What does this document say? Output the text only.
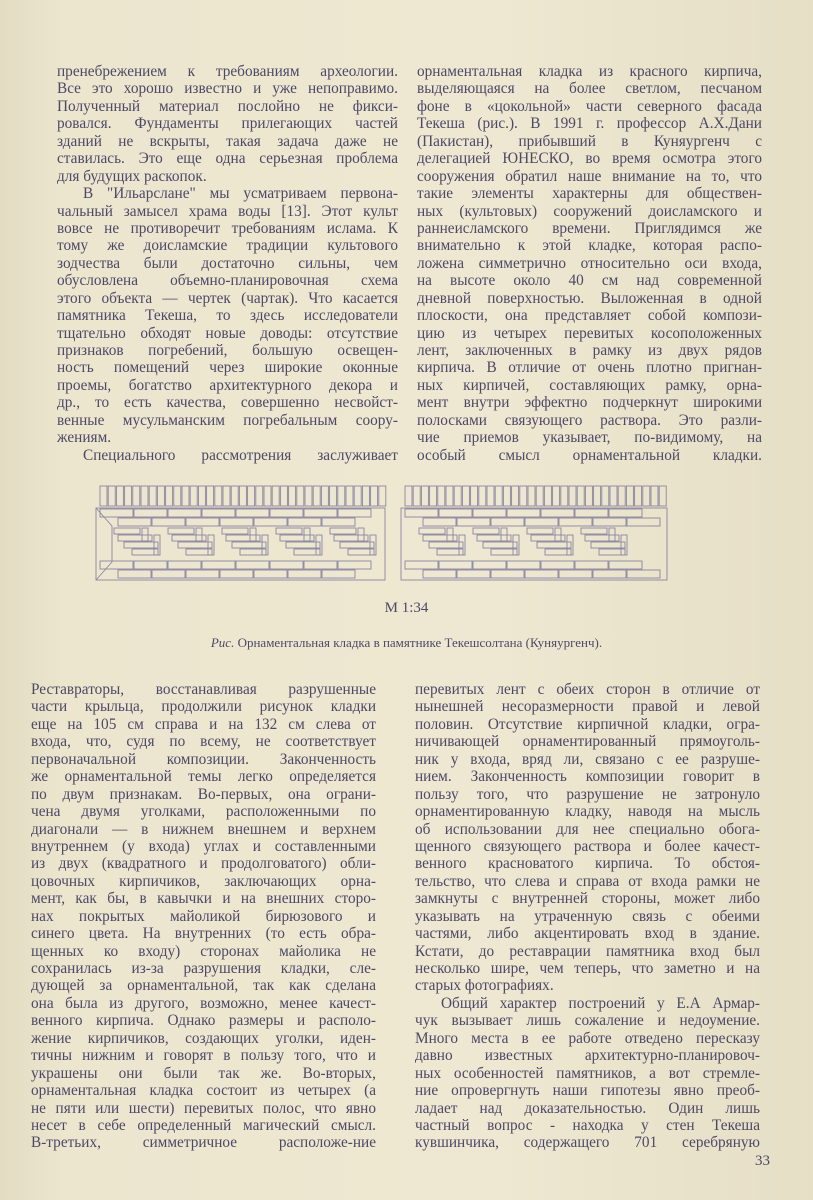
пренебрежением к требованиям археологии.
Все это хорошо известно и уже непоправимо.
Полученный материал послойно не фикси-
ровался. Фундаменты прилегающих частей
зданий не вскрыты, такая задача даже не
ставилась. Это еще одна серьезная проблема
для будущих раскопок.
В "Ильарслане" мы усматриваем первона-
чальный замысел храма воды [13]. Этот культ
вовсе не противоречит требованиям ислама. К
тому же доисламские традиции культового
зодчества были достаточно сильны, чем
обусловлена объемно-планировочная схема
этого объекта — чертек (чартак). Что касается
памятника Текеша, то здесь исследователи
тщательно обходят новые доводы: отсутствие
признаков погребений, большую освещен-
ность помещений через широкие оконные
проемы, богатство архитектурного декора и
др., то есть качества, совершенно несвойст-
венные мусульманским погребальным соору-
жениям.
Специального рассмотрения заслуживает
орнаментальная кладка из красного кирпича,
выделяющаяся на более светлом, песчаном
фоне в «цокольной» части северного фасада
Текеша (рис.). В 1991 г. профессор А.Х.Дани
(Пакистан), прибывший в Куняургенч с
делегацией ЮНЕСКО, во время осмотра этого
сооружения обратил наше внимание на то, что
такие элементы характерны для обществен-
ных (культовых) сооружений доисламского и
раннеисламского времени. Приглядимся же
внимательно к этой кладке, которая распо-
ложена симметрично относительно оси входа,
на высоте около 40 см над современной
дневной поверхностью. Выложенная в одной
плоскости, она представляет собой компози-
цию из четырех перевитых косоположенных
лент, заключенных в рамку из двух рядов
кирпича. В отличие от очень плотно пригнан-
ных кирпичей, составляющих рамку, орна-
мент внутри эффектно подчеркнут широкими
полосками связующего раствора. Это разли-
чие приемов указывает, по-видимому, на
особый смысл орнаментальной кладки.
М 1:34
Рис. Орнаментальная кладка в памятнике Текешсолтана (Куняургенч).
Реставраторы, восстанавливая разрушенные
части крыльца, продолжили рисунок кладки
еще на 105 см справа и на 132 см слева от
входа, что, судя по всему, не соответствует
первоначальной композиции. Законченность
же орнаментальной темы легко определяется
по двум признакам. Во-первых, она ограни-
чена двумя уголками, расположенными по
диагонали — в нижнем внешнем и верхнем
внутреннем (у входа) углах и составленными
из двух (квадратного и продолговатого) обли-
цовочных кирпичиков, заключающих орна-
мент, как бы, в кавычки и на внешних сторо-
нах покрытых майоликой бирюзового и
синего цвета. На внутренних (то есть обра-
щенных ко входу) сторонах майолика не
сохранилась из-за разрушения кладки, сле-
дующей за орнаментальной, так как сделана
она была из другого, возможно, менее качест-
венного кирпича. Однако размеры и располо-
жение кирпичиков, создающих уголки, иден-
тичны нижним и говорят в пользу того, что и
украшены они были так же. Во-вторых,
орнаментальная кладка состоит из четырех (а
не пяти или шести) перевитых полос, что явно
несет в себе определенный магический смысл.
В-третьих, симметричное расположе-ние
перевитых лент с обеих сторон в отличие от
нынешней несоразмерности правой и левой
половин. Отсутствие кирпичной кладки, огра-
ничивающей орнаментированный прямоуголь-
ник у входа, вряд ли, связано с ее разруше-
нием. Законченность композиции говорит в
пользу того, что разрушение не затронуло
орнаментированную кладку, наводя на мысль
об использовании для нее специально обога-
щенного связующего раствора и более качест-
венного красноватого кирпича. То обстоя-
тельство, что слева и справа от входа рамки не
замкнуты с внутренней стороны, может либо
указывать на утраченную связь с обеими
частями, либо акцентировать вход в здание.
Кстати, до реставрации памятника вход был
несколько шире, чем теперь, что заметно и на
старых фотографиях.
Общий характер построений у Е.А Армар-
чук вызывает лишь сожаление и недоумение.
Много места в ее работе отведено пересказу
давно известных архитектурно-планировоч-
ных особенностей памятников, а вот стремле-
ние опровергнуть наши гипотезы явно преоб-
ладает над доказательностью. Один лишь
частный вопрос - находка у стен Текеша
кувшинчика, содержащего 701 серебряную
33
